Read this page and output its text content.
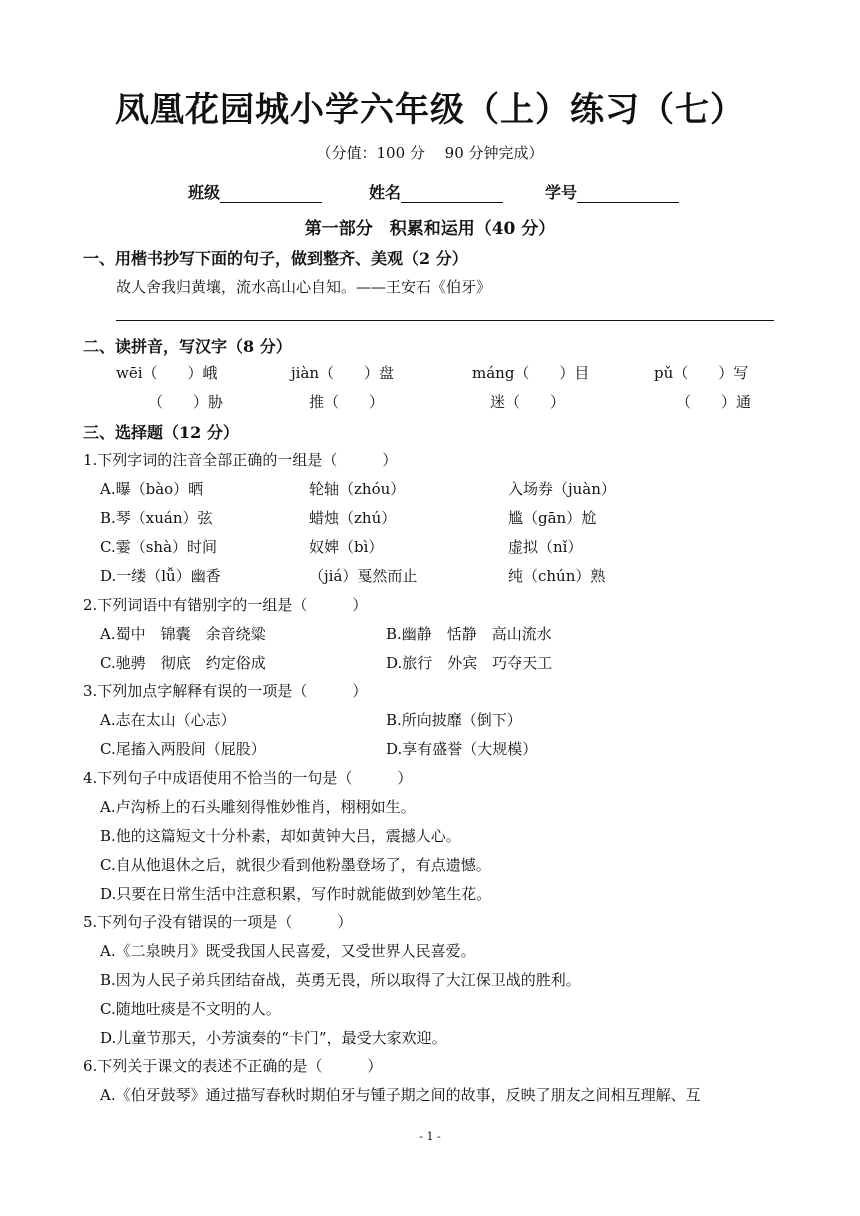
凤凰花园城小学六年级（上）练习（七）
（分值：100 分　 90 分钟完成）
班级	姓名	学号
第一部分　积累和运用（40 分）
一、用楷书抄写下面的句子，做到整齐、美观（2 分）
故人舍我归黄壤，流水高山心自知。——王安石《伯牙》
二、读拼音，写汉字（8 分）
wēi（　　）峨	jiàn（　　）盘	máng（　　）目	pǔ（　　）写
（　　）胁	推（　　）	迷（　　）	（　　）通
三、选择题（12 分）
1.下列字词的注音全部正确的一组是（　　　）
A.曝（bào）晒	轮轴（zhóu）	入场券（juàn）
B.琴（xuán）弦	蜡烛（zhú）	尴（gān）尬
C.霎（shà）时间	奴婢（bì）	虚拟（nǐ）
D.一缕（lǚ）幽香	（jiá）戛然而止	纯（chún）熟
2.下列词语中有错别字的一组是（　　　）
A.蜀中　锦囊　余音绕粱	B.幽静　恬静　高山流水
C.驰骋　彻底　约定俗成	D.旅行　外宾　巧夺天工
3.下列加点字解释有误的一项是（　　　）
A.志在太山（心志）	B.所向披靡（倒下）
C.尾搐入两股间（屁股）	D.享有盛誉（大规模）
4.下列句子中成语使用不恰当的一句是（　　　）
A.卢沟桥上的石头雕刻得惟妙惟肖，栩栩如生。
B.他的这篇短文十分朴素，却如黄钟大吕，震撼人心。
C.自从他退休之后，就很少看到他粉墨登场了，有点遗憾。
D.只要在日常生活中注意积累，写作时就能做到妙笔生花。
5.下列句子没有错误的一项是（　　　）
A.《二泉映月》既受我国人民喜爱，又受世界人民喜爱。
B.因为人民子弟兵团结奋战，英勇无畏，所以取得了大江保卫战的胜利。
C.随地吐痰是不文明的人。
D.儿童节那天，小芳演奏的“卡门”，最受大家欢迎。
6.下列关于课文的表述不正确的是（　　　）
A.《伯牙鼓琴》通过描写春秋时期伯牙与锺子期之间的故事，反映了朋友之间相互理解、互
- 1 -
